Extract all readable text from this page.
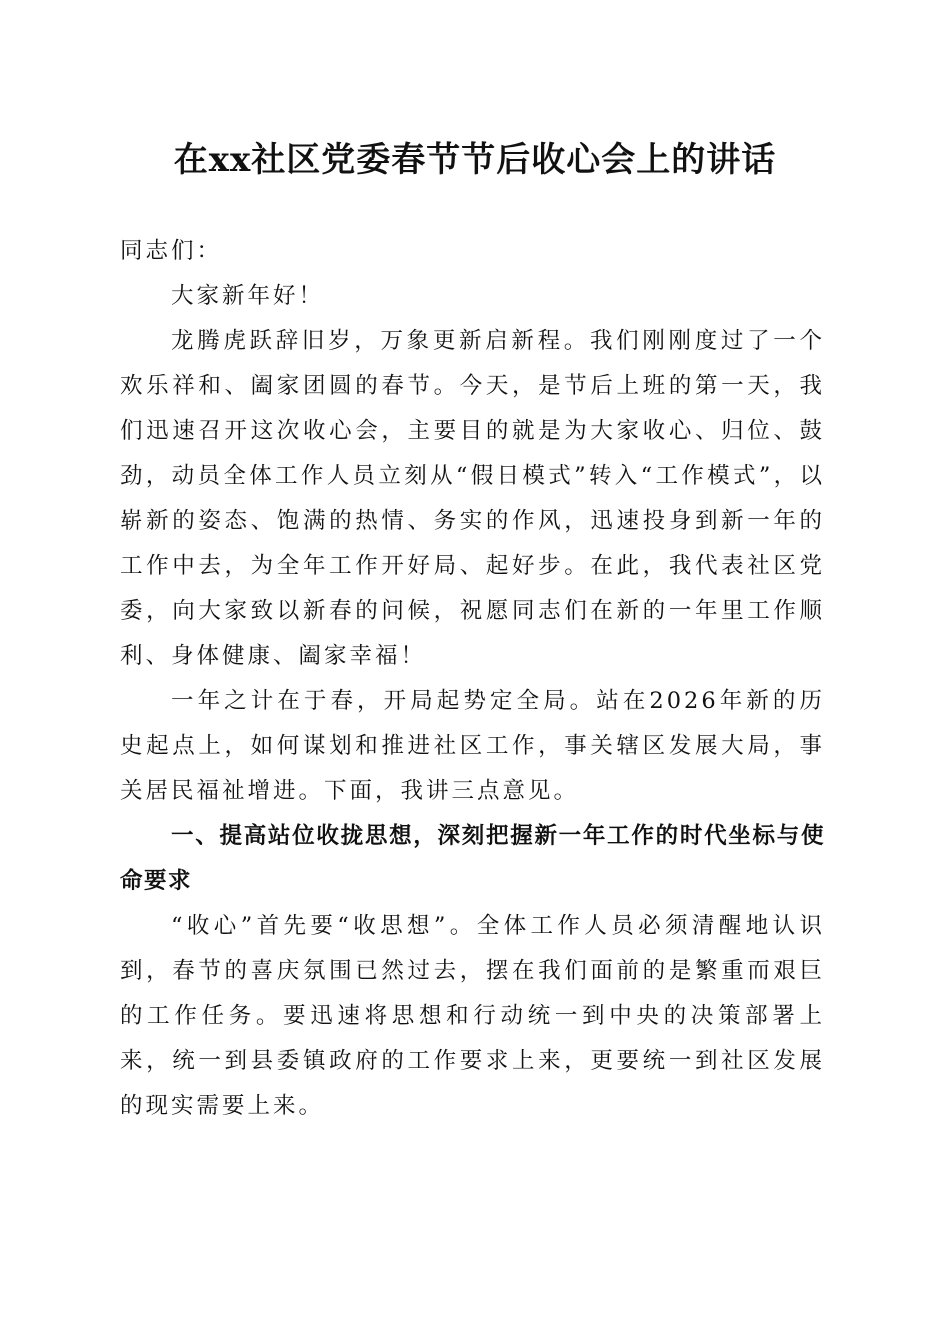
在xx社区党委春节节后收心会上的讲话

同志们：

大家新年好！

龙腾虎跃辞旧岁，万象更新启新程。我们刚刚度过了一个欢乐祥和、阖家团圆的春节。今天，是节后上班的第一天，我们迅速召开这次收心会，主要目的就是为大家收心、归位、鼓劲，动员全体工作人员立刻从“假日模式”转入“工作模式”，以崭新的姿态、饱满的热情、务实的作风，迅速投身到新一年的工作中去，为全年工作开好局、起好步。在此，我代表社区党委，向大家致以新春的问候，祝愿同志们在新的一年里工作顺利、身体健康、阖家幸福！

一年之计在于春，开局起势定全局。站在2026年新的历史起点上，如何谋划和推进社区工作，事关辖区发展大局，事关居民福祉增进。下面，我讲三点意见。

一、提高站位收拢思想，深刻把握新一年工作的时代坐标与使命要求

“收心”首先要“收思想”。全体工作人员必须清醒地认识到，春节的喜庆氛围已然过去，摆在我们面前的是繁重而艰巨的工作任务。要迅速将思想和行动统一到中央的决策部署上来，统一到县委镇政府的工作要求上来，更要统一到社区发展的现实需要上来。
